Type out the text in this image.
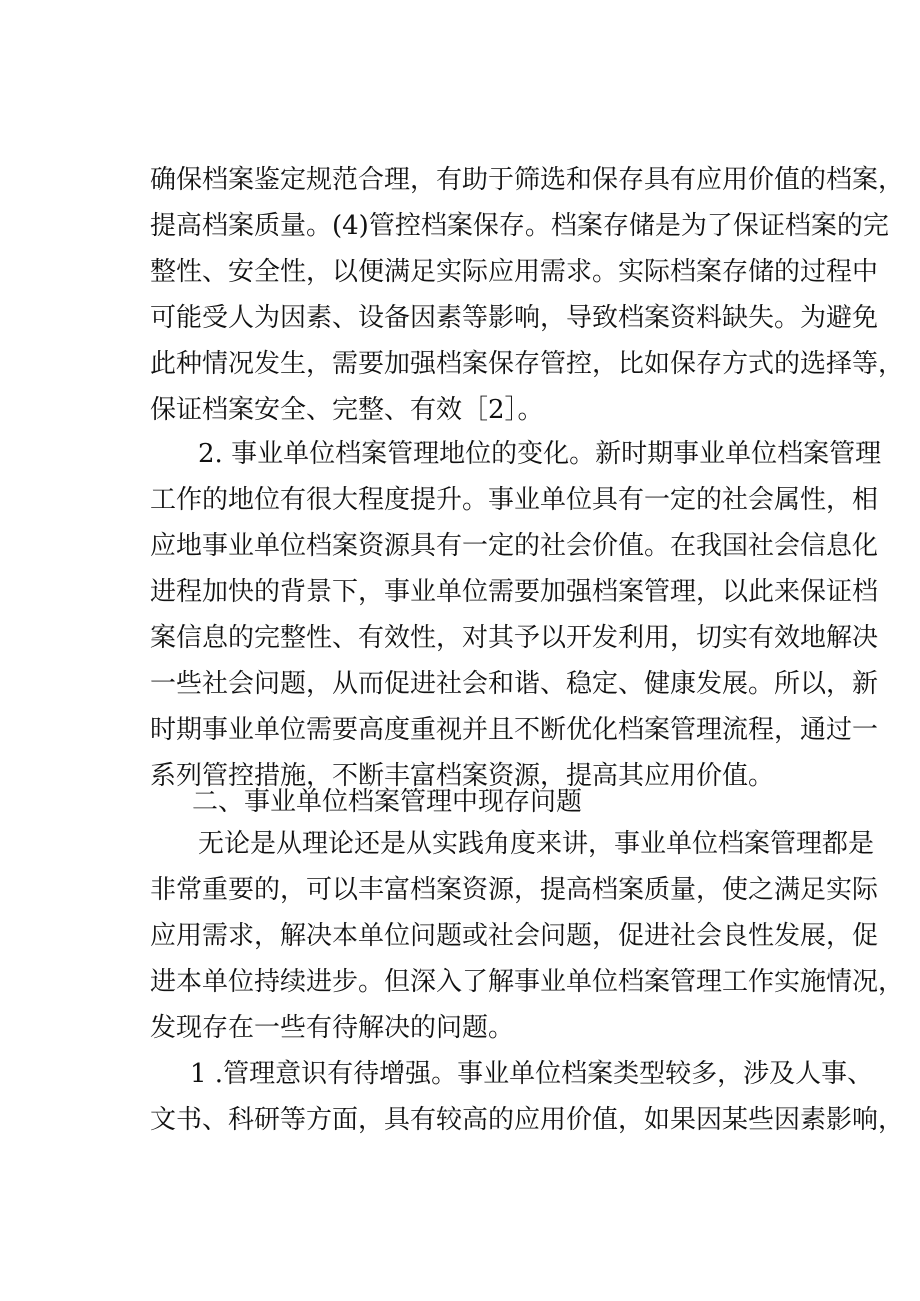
确保档案鉴定规范合理，有助于筛选和保存具有应用价值的档案，
提高档案质量。(4)管控档案保存。档案存储是为了保证档案的完
整性、安全性，以便满足实际应用需求。实际档案存储的过程中
可能受人为因素、设备因素等影响，导致档案资料缺失。为避免
此种情况发生，需要加强档案保存管控，比如保存方式的选择等，
保证档案安全、完整、有效［2］。
2. 事业单位档案管理地位的变化。新时期事业单位档案管理
工作的地位有很大程度提升。事业单位具有一定的社会属性，相
应地事业单位档案资源具有一定的社会价值。在我国社会信息化
进程加快的背景下，事业单位需要加强档案管理，以此来保证档
案信息的完整性、有效性，对其予以开发利用，切实有效地解决
一些社会问题，从而促进社会和谐、稳定、健康发展。所以，新
时期事业单位需要高度重视并且不断优化档案管理流程，通过一
系列管控措施，不断丰富档案资源，提高其应用价值。
二、事业单位档案管理中现存问题
无论是从理论还是从实践角度来讲，事业单位档案管理都是
非常重要的，可以丰富档案资源，提高档案质量，使之满足实际
应用需求，解决本单位问题或社会问题，促进社会良性发展，促
进本单位持续进步。但深入了解事业单位档案管理工作实施情况，
发现存在一些有待解决的问题。
1 .管理意识有待增强。事业单位档案类型较多，涉及人事、
文书、科研等方面，具有较高的应用价值，如果因某些因素影响，
